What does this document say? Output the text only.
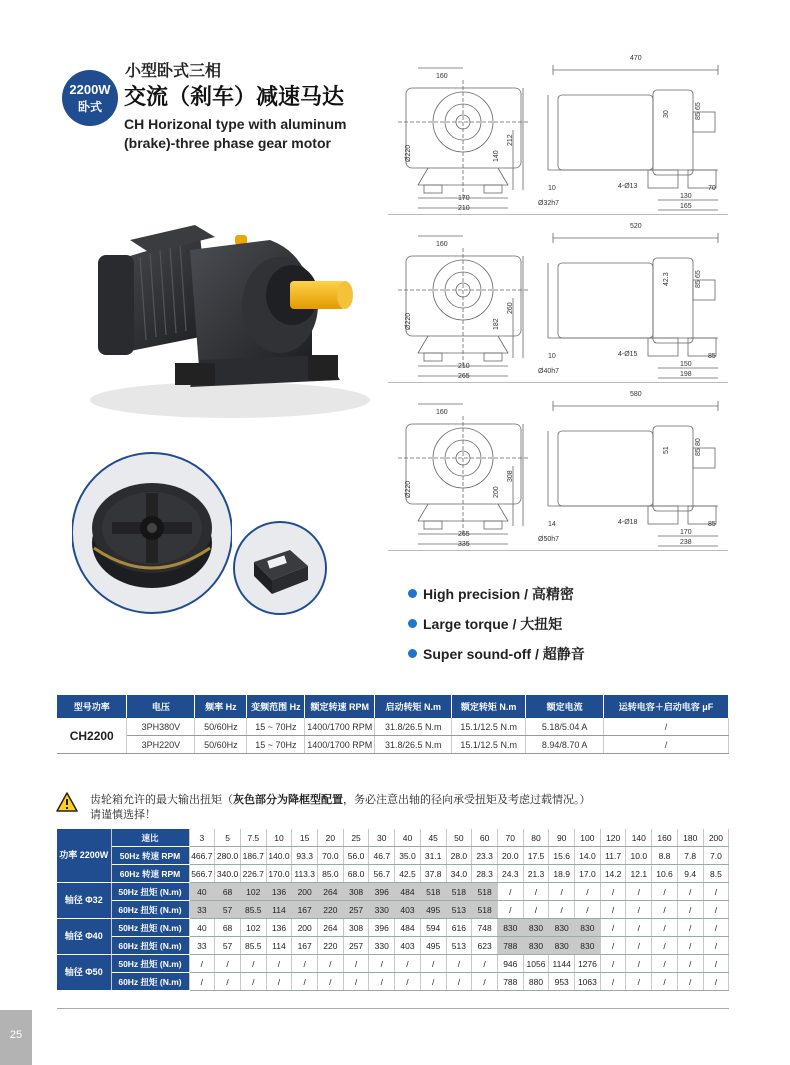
2200W
卧式
小型卧式三相
交流（刹车）减速马达
CH Horizonal type with aluminum (brake)-three phase gear motor
160
470
212
140
170
210
30
65
85
130
165
70
Ø220
Ø32h7
10	4-Ø13
160
520
260
182
210
265
42.3	65
85
150
198
85
Ø220
Ø40h7
10	4-Ø15
160
580
308
200
265
335
51
80
85
170
238
85
Ø220
Ø50h7
14	4-Ø18
High precision / 高精密
Large torque / 大扭矩
Super sound-off / 超静音
型号功率	电压	频率 Hz	变频范围 Hz	额定转速 RPM	启动转矩 N.m	额定转矩 N.m	额定电流	运转电容＋启动电容 μF
CH2200	3PH380V	50/60Hz	15 ~ 70Hz	1400/1700 RPM	31.8/26.5 N.m	15.1/12.5 N.m	5.18/5.04 A	/
	3PH220V	50/60Hz	15 ~ 70Hz	1400/1700 RPM	31.8/26.5 N.m	15.1/12.5 N.m	8.94/8.70 A	/
齿轮箱允许的最大输出扭矩（灰色部分为降框型配置，务必注意出轴的径向承受扭矩及考虑过载情况。）
请谨慎选择！
功率 2200W	速比	3	5	7.5	10	15	20	25	30	40	45	50	60	70	80	90	100	120	140	160	180	200
	50Hz 转速 RPM	466.7	280.0	186.7	140.0	93.3	70.0	56.0	46.7	35.0	31.1	28.0	23.3	20.0	17.5	15.6	14.0	11.7	10.0	8.8	7.8	7.0
	60Hz 转速 RPM	566.7	340.0	226.7	170.0	113.3	85.0	68.0	56.7	42.5	37.8	34.0	28.3	24.3	21.3	18.9	17.0	14.2	12.1	10.6	9.4	8.5
轴径 Φ32	50Hz 扭矩 (N.m)	40	68	102	136	200	264	308	396	484	518	518	518	/	/	/	/	/	/	/	/	/
	60Hz 扭矩 (N.m)	33	57	85.5	114	167	220	257	330	403	495	513	518	/	/	/	/	/	/	/	/	/
轴径 Φ40	50Hz 扭矩 (N.m)	40	68	102	136	200	264	308	396	484	594	616	748	830	830	830	830	/	/	/	/	/
	60Hz 扭矩 (N.m)	33	57	85.5	114	167	220	257	330	403	495	513	623	788	830	830	830	/	/	/	/	/
轴径 Φ50	50Hz 扭矩 (N.m)	/	/	/	/	/	/	/	/	/	/	/	/	946	1056	1144	1276	/	/	/	/	/
	60Hz 扭矩 (N.m)	/	/	/	/	/	/	/	/	/	/	/	/	788	880	953	1063	/	/	/	/	/
25
